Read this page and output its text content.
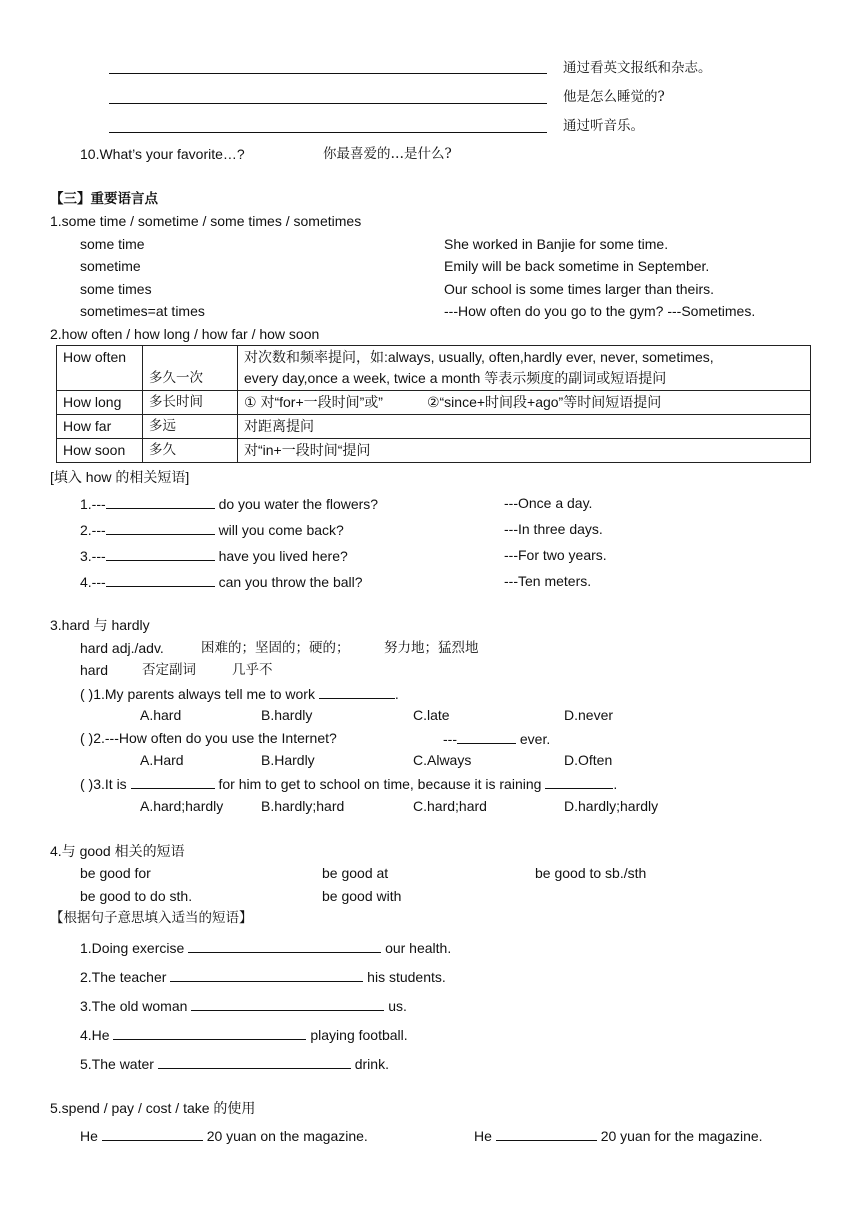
通过看英文报纸和杂志。
他是怎么睡觉的?
通过听音乐。
10.What’s your favorite…?	你最喜爱的…是什么?
【三】重要语言点
1.some time / sometime / some times / sometimes
some time	She worked in Banjie for some time.
sometime	Emily will be back sometime in September.
some times	Our school is some times larger than theirs.
sometimes=at times	---How often do you go to the gym? ---Sometimes.
2.how often / how long / how far / how soon
How often	多久一次	对次数和频率提问，如:always, usually, often,hardly ever, never, sometimes,
every day,once a week, twice a month 等表示频度的副词或短语提问

How long	多长时间	① 对“for+一段时间”或” ②“since+时间段+ago”等时间短语提问
How far	多远	对距离提问
How soon	多久	对“in+一段时间“提问
[填入 how 的相关短语]
1.---	do you water the flowers?	---Once a day.
2.---	will you come back?	---In three days.
3.---	have you lived here?	---For two years.
4.---	can you throw the ball?	---Ten meters.
3.hard 与 hardly
hard adj./adv.	困难的；坚固的；硬的；	努力地；猛烈地
hard	否定副词	几乎不
( )1.My parents always tell me to work	.
A.hard	B.hardly	C.late	D.never
( )2.---How often do you use the Internet?	---	ever.
A.Hard	B.Hardly	C.Always	D.Often
( )3.It is	for him to get to school on time, because it is raining	.
A.hard;hardly	B.hardly;hard	C.hard;hard	D.hardly;hardly
4.与 good 相关的短语
be good for	be good at	be good to sb./sth
be good to do sth.	be good with
【根据句子意思填入适当的短语】
1.Doing exercise	our health.
2.The teacher	his students.
3.The old woman	us.
4.He	playing football.
5.The water	drink.
5.spend / pay / cost / take 的使用
He	20 yuan on the magazine.	He	20 yuan for the magazine.
